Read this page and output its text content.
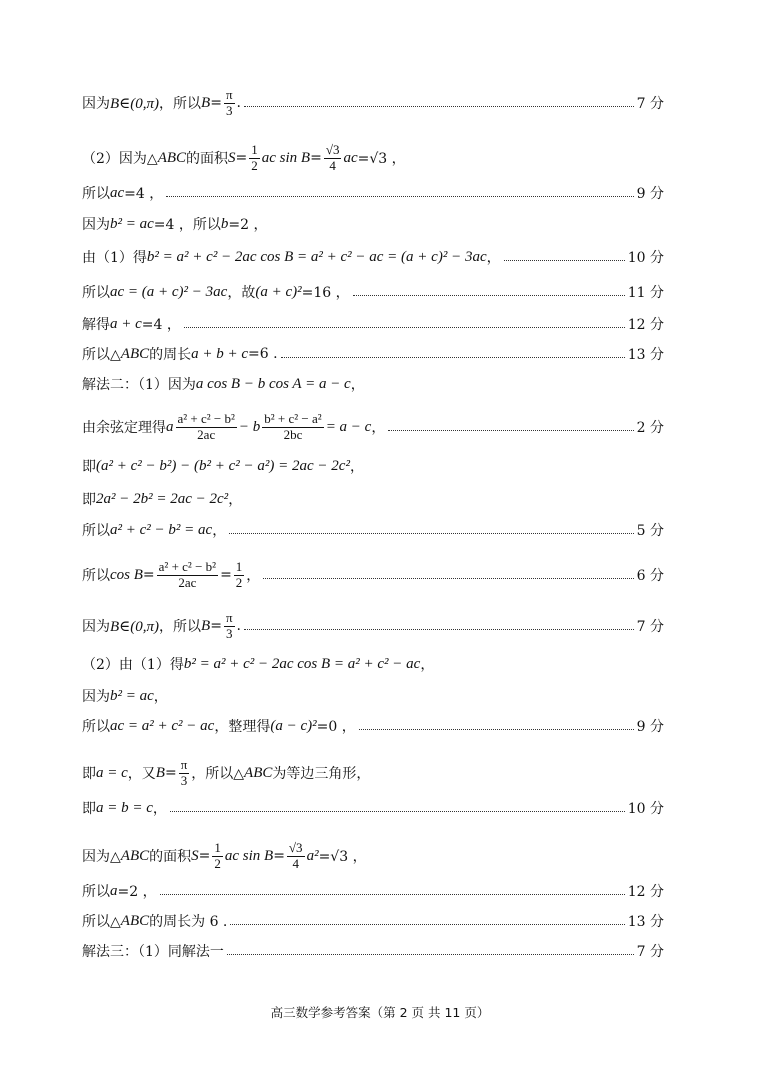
因为 B∈(0,π) ，所以 $B = \frac{\pi}{3}$ .	7 分
（2）因为△ ABC 的面积 $S = \frac{1}{2}$ ac $\sin B = \frac{√3}{4}$ ac =√3 ，
所以 ac =4 ，	9 分
因为 b² = ac =4 ，所以 b =2 ，
由（1）得 b² = a² + c² − 2ac cos B = a² + c² − ac = (a + c)² − 3ac ，	10 分
所以 ac = (a + c)² − 3ac ，故 (a + c)² =16 ，	11 分
解得 a + c =4 ，	12 分
所以△ ABC 的周长 a + b + c =6 .	13 分
解法二：（1）因为 a cos B − b cos A = a − c ，
由余弦定理得 a $\frac{\text{a² + c² − b²}}{2ac} - b \frac{\text{b² + c² − a²}}{2bc} = a - c$ ，	2 分
即 (a² + c² − b²) − (b² + c² − a²) = 2ac − 2c² ，
即 2a² − 2b² = 2ac − 2c² ，
所以 a² + c² − b² = ac ，	5 分
所以 $\cos B = \frac{\text{a² + c² − b²}}{2ac} = \frac{1}{2}$ ，	6 分
因为 B∈(0,π) ，所以 $B = \frac{\pi}{3}$ .	7 分
（2）由（1）得 b² = a² + c² − 2ac cos B = a² + c² − ac ，
因为 b² = ac ，
所以 ac = a² + c² − ac ，整理得 (a − c)² =0 ，	9 分
即 a = c ，又 $B = \frac{\pi}{3}$ ，所以△ ABC 为等边三角形，
即 a = b = c ，	10 分
因为△ ABC 的面积 $S = \frac{1}{2}$ ac $\sin B = \frac{√3}{4} a^2 =√3$ ，
所以 a =2 ，	12 分
所以△ ABC 的周长为 6 .	13 分
解法三：（1）同解法一	7 分
高三数学参考答案（第 2 页 共 11 页）
